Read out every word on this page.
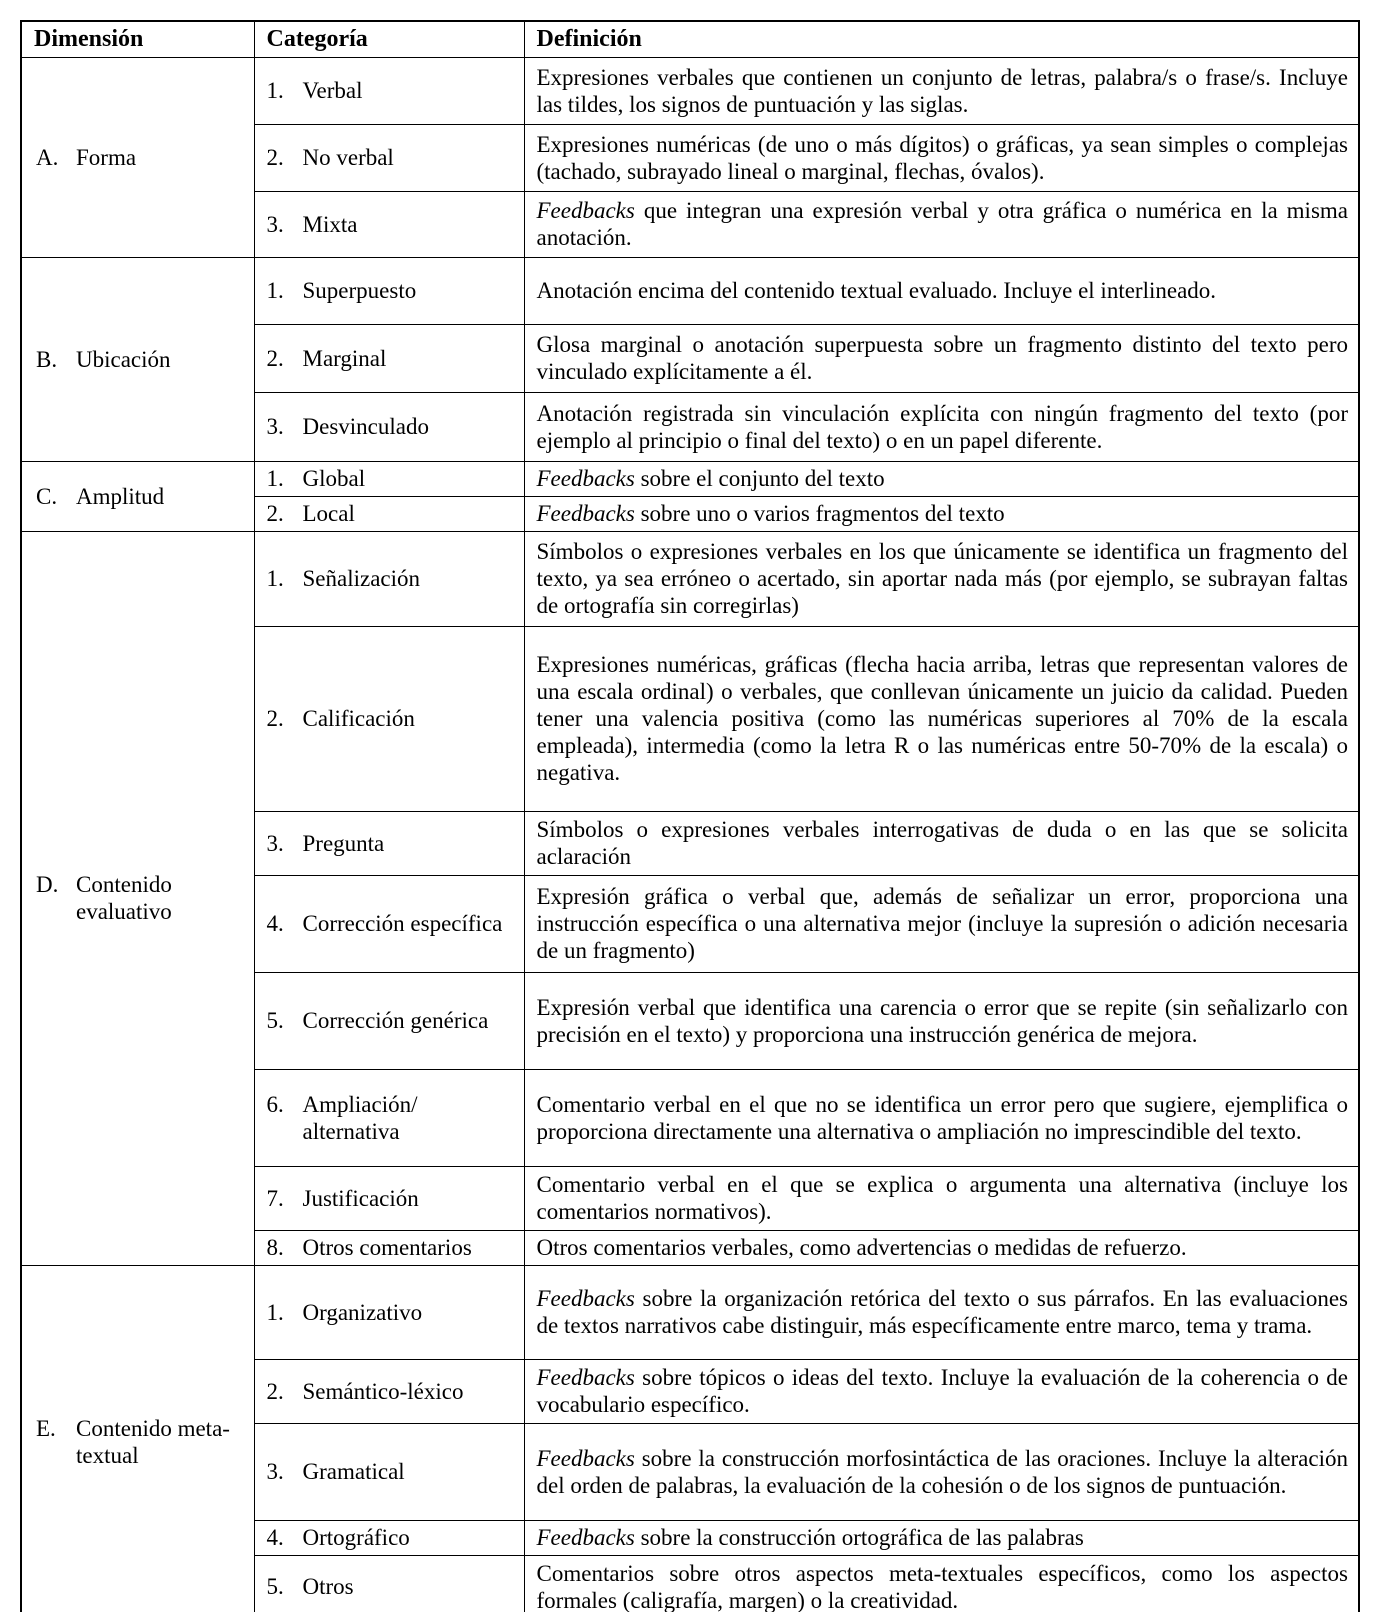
Dimensión	Categoría	Definición

A. Forma	1. Verbal	Expresiones verbales que contienen un conjunto de letras, palabra/s o frase/s. Incluye las tildes, los signos de puntuación y las siglas.

	2. No verbal	Expresiones numéricas (de uno o más dígitos) o gráficas, ya sean simples o complejas (tachado, subrayado lineal o marginal, flechas, óvalos).

	3. Mixta	Feedbacks que integran una expresión verbal y otra gráfica o numérica en la misma anotación.

B. Ubicación	1. Superpuesto	Anotación encima del contenido textual evaluado. Incluye el interlineado.

	2. Marginal	Glosa marginal o anotación superpuesta sobre un fragmento distinto del texto pero vinculado explícitamente a él.

	3. Desvinculado	Anotación registrada sin vinculación explícita con ningún fragmento del texto (por ejemplo al principio o final del texto) o en un papel diferente.

C. Amplitud	1. Global	Feedbacks sobre el conjunto del texto

	2. Local	Feedbacks sobre uno o varios fragmentos del texto

D. Contenido evaluativo	1. Señalización	Símbolos o expresiones verbales en los que únicamente se identifica un fragmento del texto, ya sea erróneo o acertado, sin aportar nada más (por ejemplo, se subrayan faltas de ortografía sin corregirlas)

	2. Calificación	Expresiones numéricas, gráficas (flecha hacia arriba, letras que representan valores de una escala ordinal) o verbales, que conllevan únicamente un juicio da calidad. Pueden tener una valencia positiva (como las numéricas superiores al 70% de la escala empleada), intermedia (como la letra R o las numéricas entre 50-70% de la escala) o negativa.

	3. Pregunta	Símbolos o expresiones verbales interrogativas de duda o en las que se solicita aclaración

	4. Corrección específica	Expresión gráfica o verbal que, además de señalizar un error, proporciona una instrucción específica o una alternativa mejor (incluye la supresión o adición necesaria de un fragmento)

	5. Corrección genérica	Expresión verbal que identifica una carencia o error que se repite (sin señalizarlo con precisión en el texto) y proporciona una instrucción genérica de mejora.

	6. Ampliación/ alternativa	Comentario verbal en el que no se identifica un error pero que sugiere, ejemplifica o proporciona directamente una alternativa o ampliación no imprescindible del texto.

	7. Justificación	Comentario verbal en el que se explica o argumenta una alternativa (incluye los comentarios normativos).

	8. Otros comentarios	Otros comentarios verbales, como advertencias o medidas de refuerzo.

E. Contenido meta-textual	1. Organizativo	Feedbacks sobre la organización retórica del texto o sus párrafos. En las evaluaciones de textos narrativos cabe distinguir, más específicamente entre marco, tema y trama.

	2. Semántico-léxico	Feedbacks sobre tópicos o ideas del texto. Incluye la evaluación de la coherencia o de vocabulario específico.

	3. Gramatical	Feedbacks sobre la construcción morfosintáctica de las oraciones. Incluye la alteración del orden de palabras, la evaluación de la cohesión o de los signos de puntuación.

	4. Ortográfico	Feedbacks sobre la construcción ortográfica de las palabras

	5. Otros	Comentarios sobre otros aspectos meta-textuales específicos, como los aspectos formales (caligrafía, margen) o la creatividad.
